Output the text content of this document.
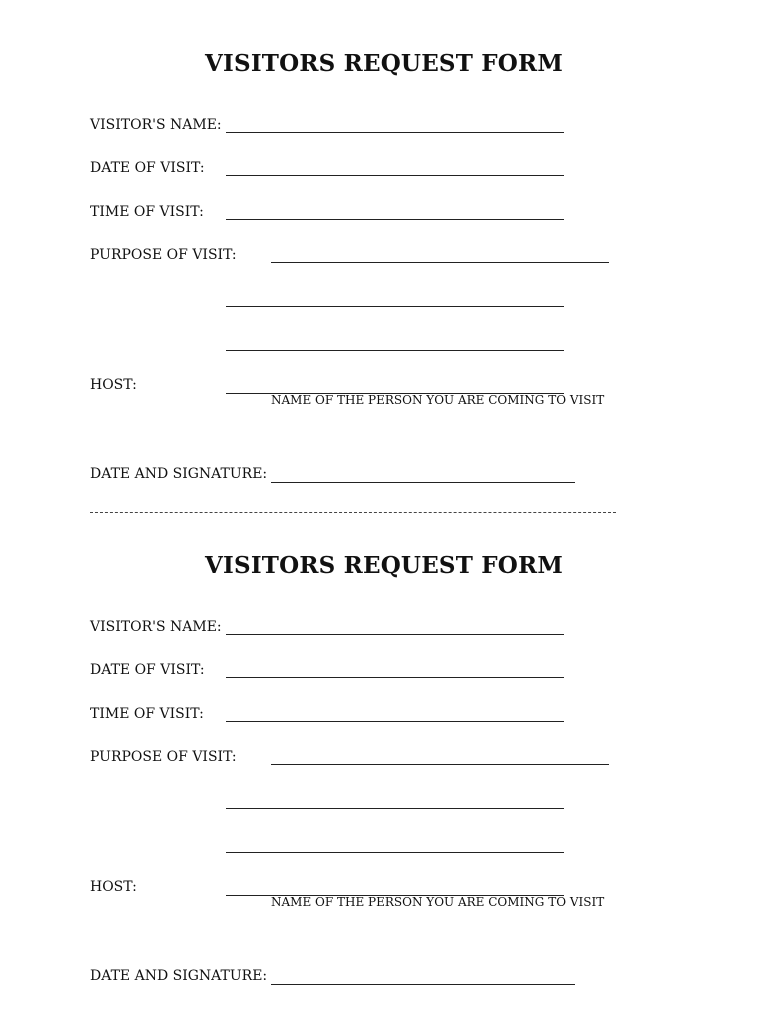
VISITORS REQUEST FORM
VISITOR'S NAME:
DATE OF VISIT:
TIME OF VISIT:
PURPOSE OF VISIT:
HOST:
NAME OF THE PERSON YOU ARE COMING TO VISIT
DATE AND SIGNATURE:
VISITORS REQUEST FORM
VISITOR'S NAME:
DATE OF VISIT:
TIME OF VISIT:
PURPOSE OF VISIT:
HOST:
NAME OF THE PERSON YOU ARE COMING TO VISIT
DATE AND SIGNATURE:
